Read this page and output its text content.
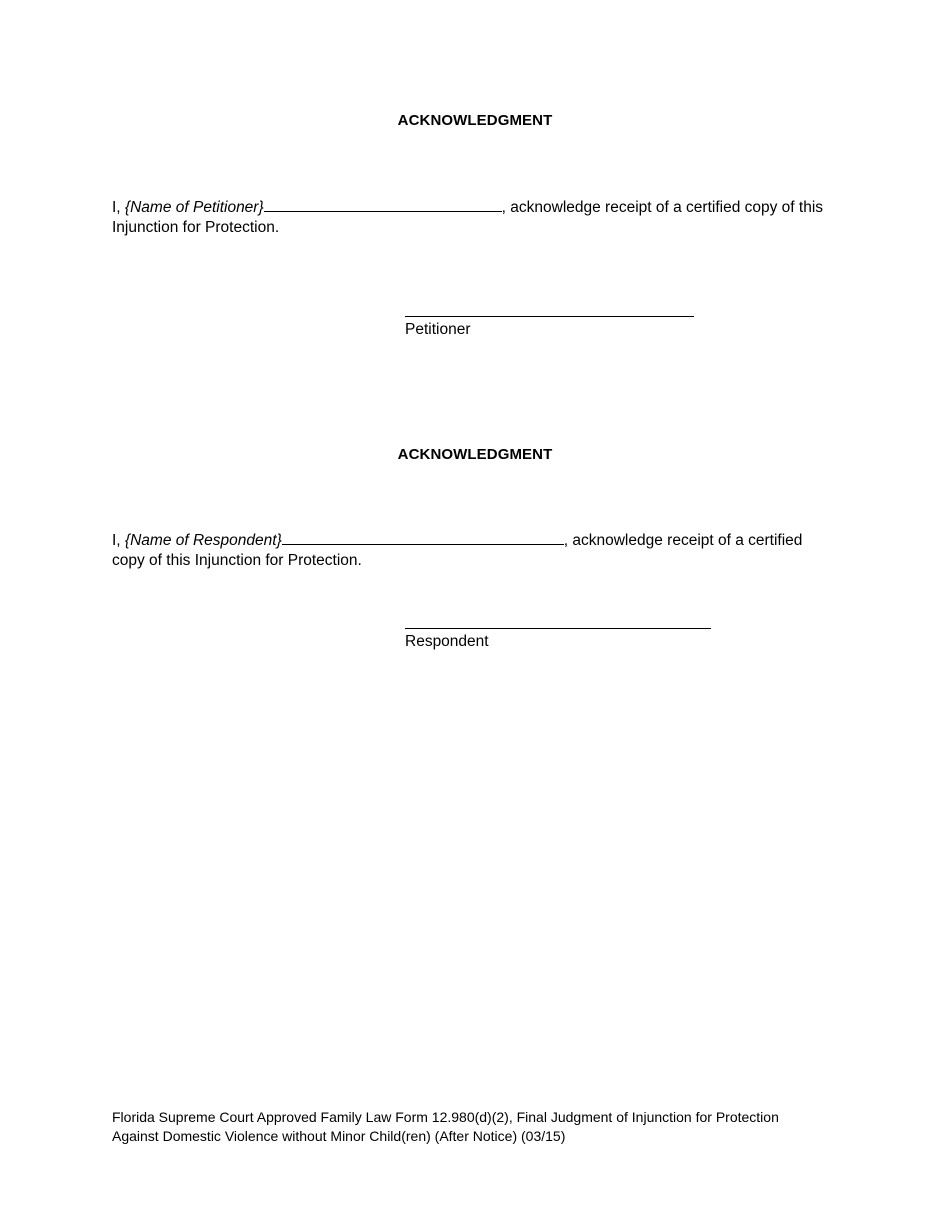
ACKNOWLEDGMENT
I, {Name of Petitioner}	, acknowledge receipt of a certified copy of this Injunction for Protection.
Petitioner
ACKNOWLEDGMENT
I, {Name of Respondent}	, acknowledge receipt of a certified copy of this Injunction for Protection.
Respondent
Florida Supreme Court Approved Family Law Form 12.980(d)(2), Final Judgment of Injunction for Protection
Against Domestic Violence without Minor Child(ren) (After Notice) (03/15)
